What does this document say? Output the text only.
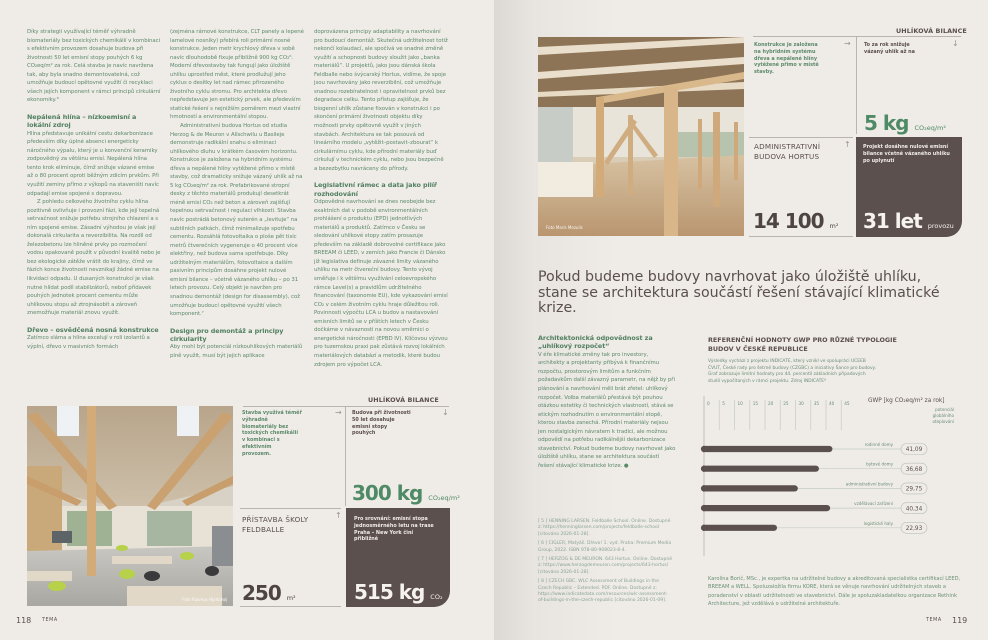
Díky strategii využívající téměř výhradně biomateriály bez toxických chemikálií v kombinaci s efektivním provozem dosahuje budova při životnosti 50 let emisní stopy pouhých 6 kg CO₂eq/m² za rok. Celá stavba je navíc navržena tak, aby byla snadno demontovatelná, což umožňuje budoucí opětovné využití či recyklaci všech jejích komponent v rámci principů cirkulární ekonomiky.⁶

Nepálená hlína – nízkoemisní a lokální zdroj

Hlína představuje unikátní cestu dekarbonizace především díky úplné absenci energeticky náročného výpalu, který je u konvenční keramiky zodpovědný za většinu emisí. Nepálená hlína tento krok eliminuje, čímž snižuje vázané emise až o 80 procent oproti běžným zdicím prvkům. Při využití zeminy přímo z výkopů na staveništi navíc odpadají emise spojené s dopravou.

Z pohledu celkového životního cyklu hlína pozitivně ovlivňuje i provozní fázi, kde její tepelná setrvačnost snižuje potřebu strojního chlazení a s ním spojené emise. Zásadní výhodou je však její dokonalá cirkularita a reverzibilita. Na rozdíl od železobetonu lze hliněné prvky po rozmočení vodou opakovaně použít v původní kvalitě nebo je bez ekologické zátěže vrátit do krajiny, čímž ve fázích konce životnosti nevznikají žádné emise na likvidaci odpadu. U dusaných konstrukcí je však nutné hlídat podíl stabilizátorů, neboť přídavek pouhých jednotek procent cementu může uhlíkovou stopu až ztrojnásobit a zároveň znemožňuje materiál znovu využít.

Dřevo – osvědčená nosná konstrukce

Zatímco sláma a hlína excelují v roli izolantů a výplní, dřevo v masivních formách

(zejména rámové konstrukce, CLT panely a lepené lamelové nosníky) přebírá roli primární nosné konstrukce. Jeden metr krychlový dřeva v sobě navíc dlouhodobě fixuje přibližně 900 kg CO₂⁶. Moderní dřevostavby tak fungují jako úložiště uhlíku uprostřed měst, které prodlužují jeho cyklus o desítky let nad rámec přirozeného životního cyklu stromu. Pro architekta dřevo nepředstavuje jen estetický prvek, ale především statické řešení s nejnižším poměrem mezi vlastní hmotností a environmentální stopou.

Administrativní budova Hortus od studia Herzog & de Meuron v Allschwilu u Basileje demonstruje radikální snahu o eliminaci uhlíkového dluhu v krátkém časovém horizontu. Konstrukce je založena na hybridním systému dřeva a nepálené hlíny vytěžené přímo v místě stavby, což dramaticky snižuje vázaný uhlík až na 5 kg CO₂eq/m² za rok. Prefabrikované stropní desky z těchto materiálů produkují desetkrát méně emisí CO₂ než beton a zároveň zajišťují tepelnou setrvačnost i regulaci vlhkosti. Stavba navíc postrádá betonový suterén a „levituje“ na subtilních patkách, čímž minimalizuje spotřebu cementu. Rozsáhlá fotovoltaika o ploše pět tisíc metrů čtverečních vygeneruje o 40 procent více elektřiny, než budova sama spotřebuje. Díky udržitelným materiálům, fotovoltaice a dalším pasivním principům dosáhne projekt nulové emisní bilance – včetně vázaného uhlíku – po 31 letech provozu. Celý objekt je navržen pro snadnou demontáž (design for disassembly), což umožňuje budoucí opětovné využití všech komponent.⁷

Design pro demontáž a principy cirkularity

Aby mohl být potenciál nízkouhlíkových materiálů plně využit, musí být jejich aplikace

doprovázena principy adaptability a navrhování pro budoucí demontáž. Skutečná udržitelnost totiž nekončí kolaudací, ale spočívá ve snadné změně využití a schopnosti budovy sloužit jako „banka materiálů“. U projektů, jako jsou dánská škola Feldballe nebo švýcarský Hortus, vidíme, že spoje jsou navrhovány jako reverzibilní, což umožňuje snadnou rozebíratelnost i opravitelnost prvků bez degradace celku. Tento přístup zajišťuje, že biogenní uhlík zůstane fixován v konstrukci i po skončení primární životnosti objektu díky možnosti prvky opětovně využít v jiných stavbách. Architektura se tak posouvá od lineárního modelu „vytěžit–postavit–zbourat“ k cirkulárnímu cyklu, kde přírodní materiály buď cirkulují v technickém cyklu, nebo jsou bezpečně a bezezbytku navráceny do přírody.

Legislativní rámec a data jako pilíř rozhodování

Odpovědné navrhování se dnes neobejde bez exaktních dat v podobě environmentálních prohlášení o produktu (EPD) jednotlivých materiálů a produktů. Zatímco v Česku se sledování uhlíkové stopy zatím prosazuje především na základě dobrovolné certifikace jako BREEAM či LEED, v zemích jako Francie či Dánsko již legislativa definuje závazné limity vázaného uhlíku na metr čtvereční budovy. Tento vývoj směřuje i k většímu využívání celoevropského rámce Level(s) a pravidlům udržitelného financování (taxonomie EU), kde vykazování emisí CO₂ v celém životním cyklu hraje důležitou roli. Povinnosti výpočtu LCA u budov a nastavování emisních limitů se v příštích letech v Česku dočkáme v návaznosti na novou směrnici o energetické náročnosti (EPBD IV). Klíčovou výzvou pro tuzemskou praxi pak zůstává rozvoj lokálních materiálových databází a metodik, které budou zdrojem pro výpočet LCA.

Foto Rasmus Hjortshøj
UHLÍKOVÁ BILANCE
Stavba využívá téměř výhradně biomateriály bez toxických chemikálií v kombinaci s efektivním provozem.
→ Budova při životnosti 50 let dosahuje emisní stopy pouhých
↓
300 kg CO₂eq/m²
PŘÍSTAVBA ŠKOLY FELDBALLE
↑
250 m²
Pro srovnání: emisní stopa jednosměrného letu na trase Praha – New York činí přibližně
515 kg CO₂
118 TEMA
Foto Maris Mezulis
UHLÍKOVÁ BILANCE
Konstrukce je založena na hybridním systému dřeva a nepálené hlíny vytěžené přímo v místě stavby.
→	To za rok snižuje vázaný uhlík až na
↓
5 kg CO₂eq/m²
ADMINISTRATIVNÍ BUDOVA HORTUS
↑
14 100 m²
Projekt dosáhne nulové emisní bilance včetně vázaného uhlíku po uplynutí
31 let provozu
Pokud budeme budovy navrhovat jako úložiště uhlíku, stane se architektura součástí řešení stávající klimatické krize.
Architektonická odpovědnost za „uhlíkový rozpočet“

V éře klimatické změny tak pro investory, architekty a projektanty přibývá k finančnímu rozpočtu, prostorovým limitům a funkčním požadavkům další závazný parametr, na nějž by při plánování a navrhování měli brát zřetel: uhlíkový rozpočet. Volba materiálů přestává být pouhou otázkou estetiky či technických vlastností, stává se etickým rozhodnutím o environmentální stopě, kterou stavba zanechá. Přírodní materiály nejsou jen nostalgickým návratem k tradici, ale možnou odpovědí na potřebu radikálnější dekarbonizace stavebnictví. Pokud budeme budovy navrhovat jako úložiště uhlíku, stane se architektura součástí řešení stávající klimatické krize. ●

[ 5 ] HENNING LARSEN. Feldballe School. Online. Dostupné z: https://henninglarsen.com/projects/feldballe-school [citováno 2026-01-28].

[ 6 ] CIGLER, Matyáš. Dřevo! 1. vyd. Praha: Premium Media Group, 2022. ISBN 978-80-908023-8-4.

[ 7 ] HERZOG & DE MEURON. 643 Hortus. Online. Dostupné z: https://www.herzogdemeuron.com/projects/643-hortus/ [citováno 2026-01-28].

[ 8 ] CZECH GBC. WLC Assessment of Buildings in the Czech Republic – Extended. PDF. Online. Dostupné z: https://www.indicatedata.com/resources/wlc-assessment-of-buildings-in-the-czech-republic [citováno 2026-01-09].

REFERENČNÍ HODNOTY GWP PRO RŮZNÉ TYPOLOGIE BUDOV V ČESKÉ REPUBLICE
Výsledky vychází z projektu INDICATE, který vznikl ve spolupráci UCEEB ČVUT, České rady pro šetrné budovy (CZGBC) a iniciativy Šance pro budovy. Graf zobrazuje limitní hodnoty pro 44. percentil základních případových studií vypočítaných v rámci projektu. Zdroj INDICATE⁸
GWP [kg CO₂eq/m² za rok]
potenciál globálního oteplování
0	5	10 15 20 25 30 35 40 45
rodinné domy
41,09
bytové domy
36,68
administrativní budovy
29,75
vzdělávací zařízení
40,34
logistické haly
22,93
Karolína Borič, MSc., je expertka na udržitelné budovy a akreditovaná specialistka certifikací LEED, BREEAM a WELL. Spoluzaložila firmu KORE, která se věnuje navrhování udržitelných staveb a poradenství v oblasti udržitelnosti ve stavebnictví. Dále je spoluzakladatelkou organizace Rethink Architecture, jež vzdělává o udržitelné architektuře.
TEMA 119
